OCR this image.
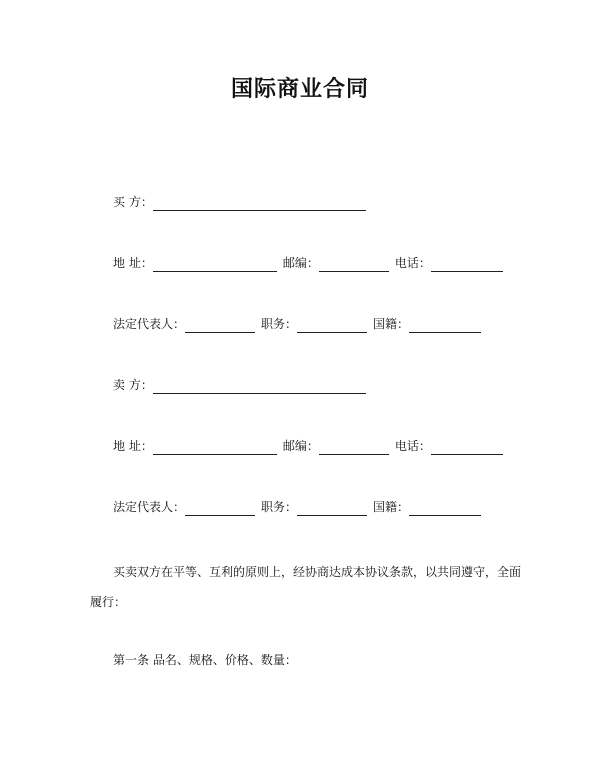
国际商业合同
买 方：
地 址：	邮编：	电话：
法定代表人：	职务：	国籍：
卖 方：
地 址：	邮编：	电话：
法定代表人：	职务：	国籍：
买卖双方在平等、互利的原则上，经协商达成本协议条款，以共同遵守，全面
履行：
第一条 品名、规格、价格、数量：
